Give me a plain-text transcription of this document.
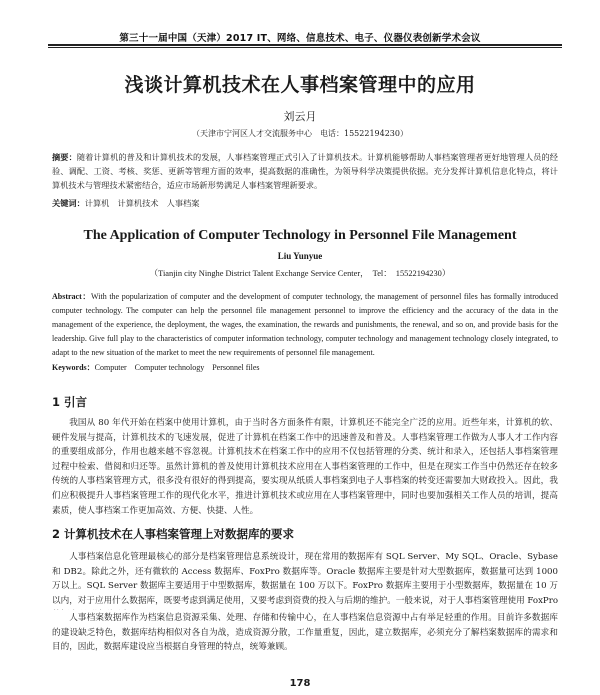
第三十一届中国（天津）2017 IT、网络、信息技术、电子、仪器仪表创新学术会议
浅谈计算机技术在人事档案管理中的应用
刘云月
（天津市宁河区人才交流服务中心　电话：15522194230）
摘要：随着计算机的普及和计算机技术的发展，人事档案管理正式引入了计算机技术。计算机能够帮助人事档案管理者更好地管理人员的经验、调配、工资、考核、奖惩、更新等管理方面的效率，提高数据的准确性，为领导科学决策提供依据。充分发挥计算机信息化特点，将计算机技术与管理技术紧密结合，适应市场新形势满足人事档案管理新要求。
关键词：计算机　计算机技术　人事档案
The Application of Computer Technology in Personnel File Management
Liu Yunyue
（Tianjin city Ninghe District Talent Exchange Service Center，　Tel：　15522194230）
Abstract：With the popularization of computer and the development of computer technology, the management of personnel files has formally introduced computer technology. The computer can help the personnel file management personnel to improve the efficiency and the accuracy of the data in the management of the experience, the deployment, the wages, the examination, the rewards and punishments, the renewal, and so on, and provide basis for the leadership. Give full play to the characteristics of computer information technology, computer technology and management technology closely integrated, to adapt to the new situation of the market to meet the new requirements of personnel file management.
Keywords：Computer　Computer technology　Personnel files
1 引言
我国从 80 年代开始在档案中使用计算机，由于当时各方面条件有限，计算机还不能完全广泛的应用。近些年来，计算机的软、硬件发展与提高，计算机技术的飞速发展，促进了计算机在档案工作中的迅速普及和普及。人事档案管理工作做为人事人才工作内容的重要组成部分，作用也越来越不容忽视。计算机技术在档案工作中的应用不仅包括管理的分类、统计和录入，还包括人事档案管理过程中检索、借阅和归还等。虽然计算机的普及使用计算机技术应用在人事档案管理的工作中，但是在现实工作当中仍然还存在较多传统的人事档案管理方式，很多没有很好的得到提高，要实现从纸质人事档案到电子人事档案的转变还需要加大财政投入。因此，我们应积极提升人事档案管理工作的现代化水平，推进计算机技术或应用在人事档案管理中，同时也要加强相关工作人员的培训，提高素质，使人事档案工作更加高效、方便、快捷、人性。
2 计算机技术在人事档案管理上对数据库的要求
人事档案信息化管理最核心的部分是档案管理信息系统设计，现在常用的数据库有 SQL Server、My SQL、Oracle、Sybase 和 DB2。除此之外，还有微软的 Access 数据库、FoxPro 数据库等。Oracle 数据库主要是针对大型数据库，数据量可达到 1000 万以上。SQL Server 数据库主要适用于中型数据库，数据量在 100 万以下。FoxPro 数据库主要用于小型数据库，数据量在 10 万以内，对于应用什么数据库，既要考虑到满足使用，又要考虑到资费的投入与后期的维护。一般来说，对于人事档案管理使用 FoxPro
人事档案数据库作为档案信息资源采集、处理、存储和传输中心，在人事档案信息资源中占有举足轻重的作用。目前许多数据库的建设缺乏特色，数据库结构相似对各自为战，造成资源分散，工作量重复，因此，建立数据库，必须充分了解档案数据库的需求和目的，因此，数据库建设应当根据自身管理的特点，统筹兼顾。
178
